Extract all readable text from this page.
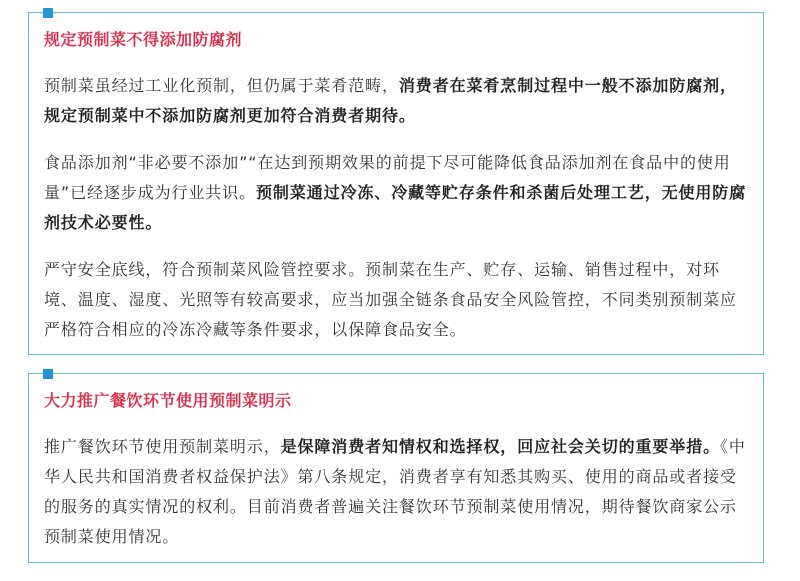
规定预制菜不得添加防腐剂

预制菜虽经过工业化预制，但仍属于菜肴范畴，消费者在菜肴烹制过程中一般不添加防腐剂，规定预制菜中不添加防腐剂更加符合消费者期待。

食品添加剂“非必要不添加”“在达到预期效果的前提下尽可能降低食品添加剂在食品中的使用量”已经逐步成为行业共识。预制菜通过冷冻、冷藏等贮存条件和杀菌后处理工艺，无使用防腐剂技术必要性。

严守安全底线，符合预制菜风险管控要求。预制菜在生产、贮存、运输、销售过程中，对环境、温度、湿度、光照等有较高要求，应当加强全链条食品安全风险管控，不同类别预制菜应严格符合相应的冷冻冷藏等条件要求，以保障食品安全。

大力推广餐饮环节使用预制菜明示

推广餐饮环节使用预制菜明示，是保障消费者知情权和选择权，回应社会关切的重要举措。《中华人民共和国消费者权益保护法》第八条规定，消费者享有知悉其购买、使用的商品或者接受的服务的真实情况的权利。目前消费者普遍关注餐饮环节预制菜使用情况，期待餐饮商家公示预制菜使用情况。
